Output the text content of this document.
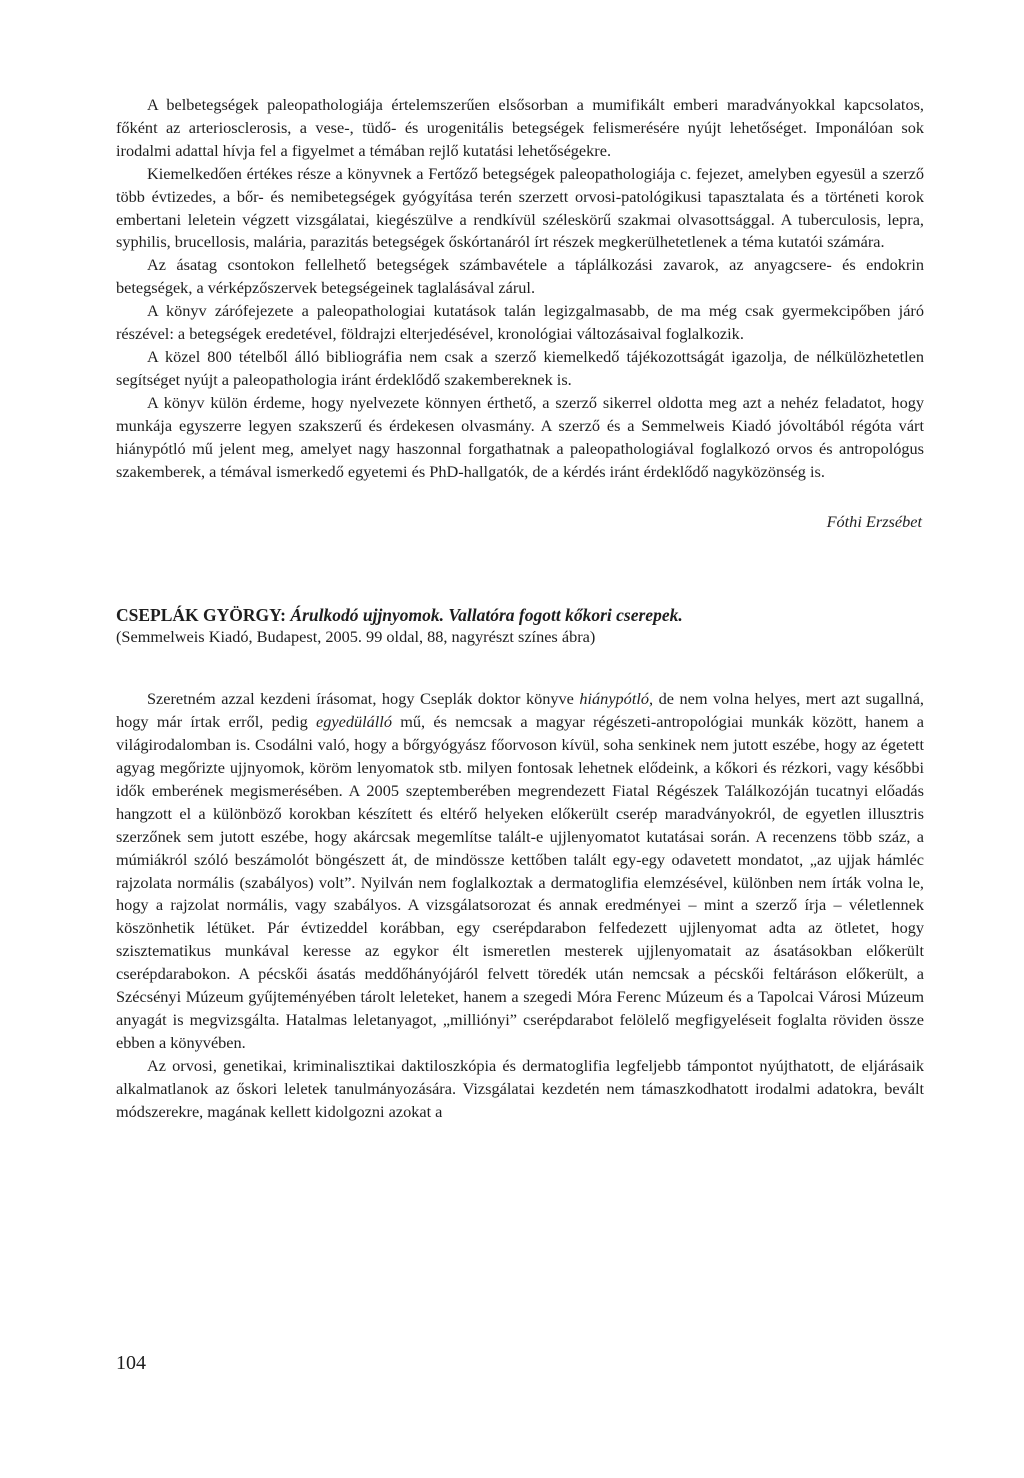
A belbetegségek paleopathologiája értelemszerűen elsősorban a mumifikált emberi maradványokkal kapcsolatos, főként az arteriosclerosis, a vese-, tüdő- és urogenitális betegségek felismerésére nyújt lehetőséget. Imponálóan sok irodalmi adattal hívja fel a figyelmet a témában rejlő kutatási lehetőségekre.

Kiemelkedően értékes része a könyvnek a Fertőző betegségek paleopathologiája c. fejezet, amelyben egyesül a szerző több évtizedes, a bőr- és nemibetegségek gyógyítása terén szerzett orvosi-patológikusi tapasztalata és a történeti korok embertani leletein végzett vizsgálatai, kiegészülve a rendkívül széleskörű szakmai olvasottsággal. A tuberculosis, lepra, syphilis, brucellosis, malária, parazitás betegségek őskórtanáról írt részek megkerülhetetlenek a téma kutatói számára.

Az ásatag csontokon fellelhető betegségek számbavétele a táplálkozási zavarok, az anyagcsere- és endokrin betegségek, a vérképzőszervek betegségeinek taglalásával zárul.

A könyv zárófejezete a paleopathologiai kutatások talán legizgalmasabb, de ma még csak gyermekcipőben járó részével: a betegségek eredetével, földrajzi elterjedésével, kronológiai változásaival foglalkozik.

A közel 800 tételből álló bibliográfia nem csak a szerző kiemelkedő tájékozottságát igazolja, de nélkülözhetetlen segítséget nyújt a paleopathologia iránt érdeklődő szakembereknek is.

A könyv külön érdeme, hogy nyelvezete könnyen érthető, a szerző sikerrel oldotta meg azt a nehéz feladatot, hogy munkája egyszerre legyen szakszerű és érdekesen olvasmány. A szerző és a Semmelweis Kiadó jóvoltából régóta várt hiánypótló mű jelent meg, amelyet nagy haszonnal forgathatnak a paleopathologiával foglalkozó orvos és antropológus szakemberek, a témával ismerkedő egyetemi és PhD-hallgatók, de a kérdés iránt érdeklődő nagyközönség is.

Fóthi Erzsébet

CSEPLÁK GYÖRGY: Árulkodó ujjnyomok. Vallatóra fogott kőkori cserepek.
(Semmelweis Kiadó, Budapest, 2005. 99 oldal, 88, nagyrészt színes ábra)

Szeretném azzal kezdeni írásomat, hogy Cseplák doktor könyve hiánypótló, de nem volna helyes, mert azt sugallná, hogy már írtak erről, pedig egyedülálló mű, és nemcsak a magyar régészeti-antropológiai munkák között, hanem a világirodalomban is. Csodálni való, hogy a bőrgyógyász főorvoson kívül, soha senkinek nem jutott eszébe, hogy az égetett agyag megőrizte ujjnyomok, köröm lenyomatok stb. milyen fontosak lehetnek elődeink, a kőkori és rézkori, vagy későbbi idők emberének megismerésében. A 2005 szeptemberében megrendezett Fiatal Régészek Találkozóján tucatnyi előadás hangzott el a különböző korokban készített és eltérő helyeken előkerült cserép maradványokról, de egyetlen illusztris szerzőnek sem jutott eszébe, hogy akárcsak megemlítse talált-e ujjlenyomatot kutatásai során. A recenzens több száz, a múmiákról szóló beszámolót böngészett át, de mindössze kettőben talált egy-egy odavetett mondatot, „az ujjak hámléc rajzolata normális (szabályos) volt”. Nyilván nem foglalkoztak a dermatoglifia elemzésével, különben nem írták volna le, hogy a rajzolat normális, vagy szabályos. A vizsgálatsorozat és annak eredményei – mint a szerző írja – véletlennek köszönhetik létüket. Pár évtizeddel korábban, egy cserépdarabon felfedezett ujjlenyomat adta az ötletet, hogy szisztematikus munkával keresse az egykor élt ismeretlen mesterek ujjlenyomatait az ásatásokban előkerült cserépdarabokon. A pécskői ásatás meddőhányójáról felvett töredék után nemcsak a pécskői feltáráson előkerült, a Szécsényi Múzeum gyűjteményében tárolt leleteket, hanem a szegedi Móra Ferenc Múzeum és a Tapolcai Városi Múzeum anyagát is megvizsgálta. Hatalmas leletanyagot, „milliónyi” cserépdarabot felölelő megfigyeléseit foglalta röviden össze ebben a könyvében.

Az orvosi, genetikai, kriminalisztikai daktiloszkópia és dermatoglifia legfeljebb támpontot nyújthatott, de eljárásaik alkalmatlanok az őskori leletek tanulmányozására. Vizsgálatai kezdetén nem támaszkodhatott irodalmi adatokra, bevált módszerekre, magának kellett kidolgozni azokat a

104
